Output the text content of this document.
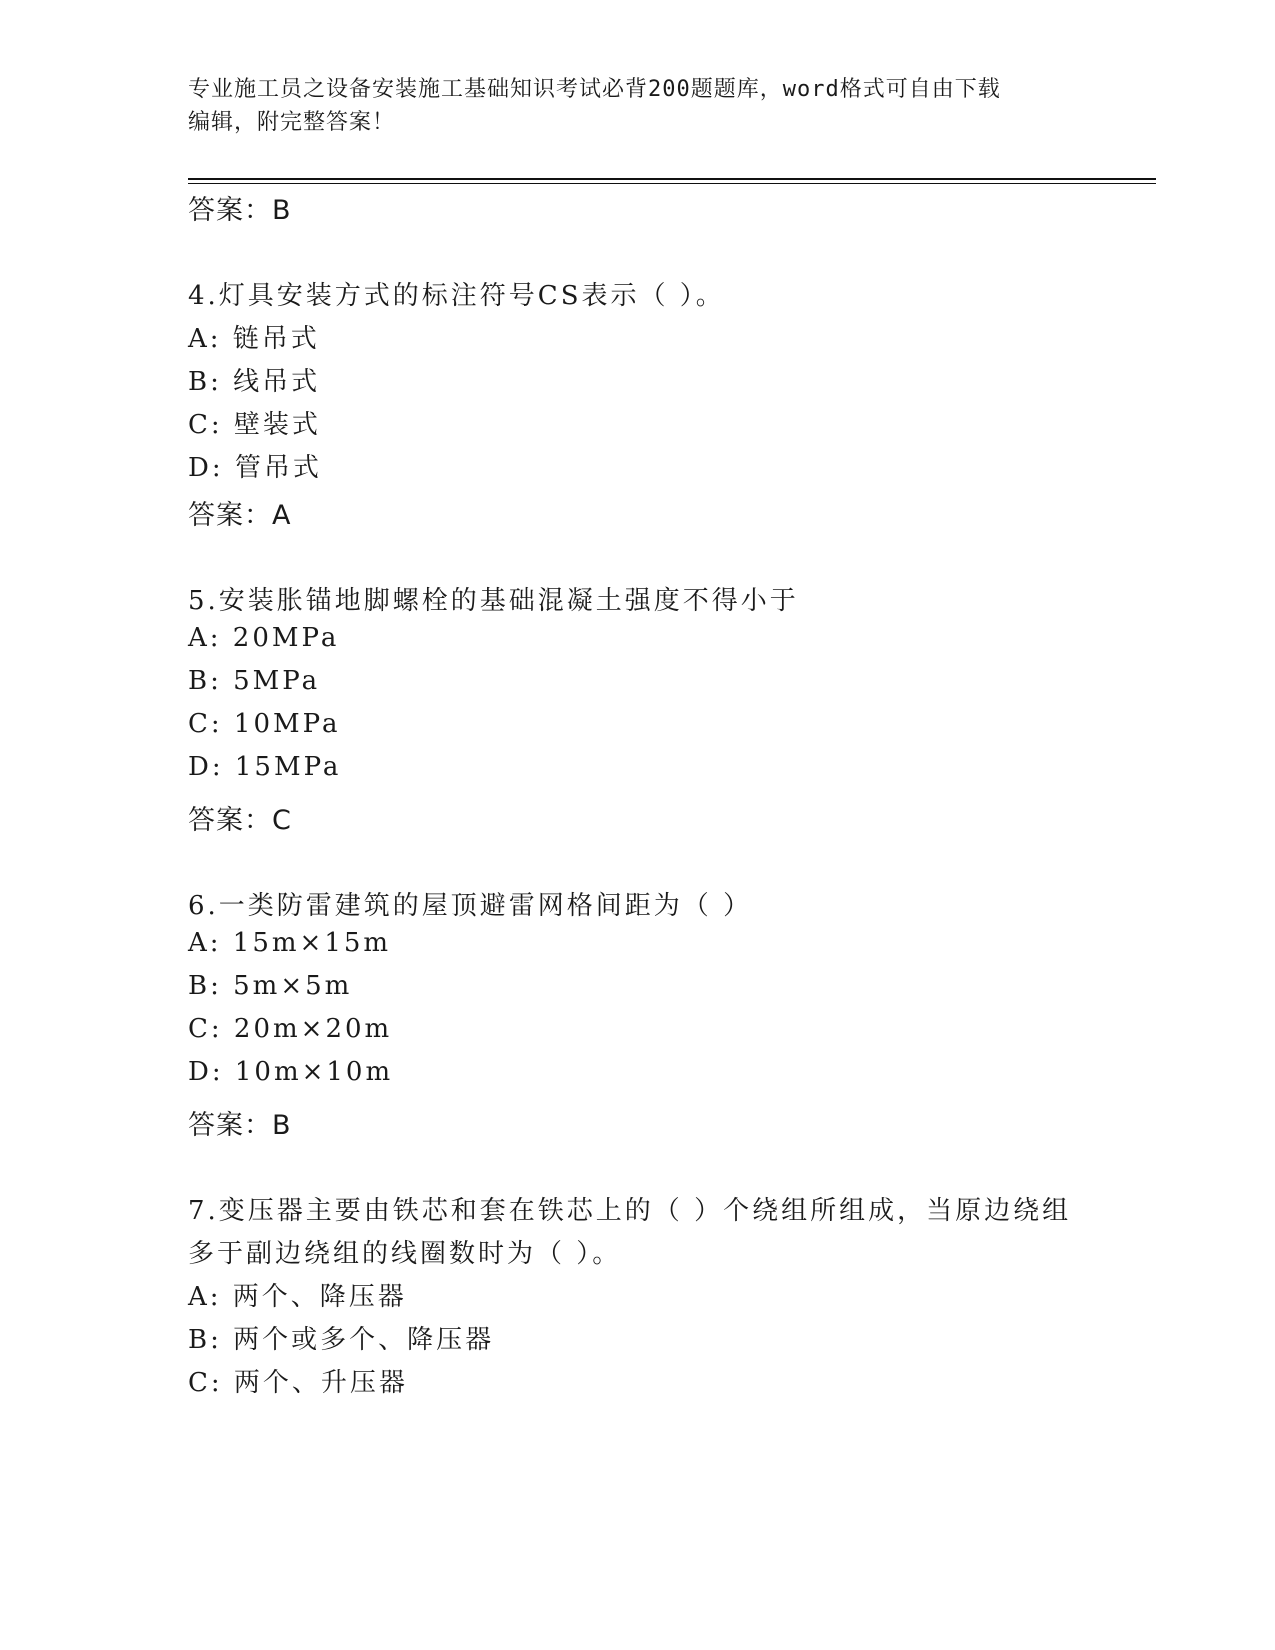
专业施工员之设备安装施工基础知识考试必背200题题库，word格式可自由下载
编辑，附完整答案！
答案：B
4.灯具安装方式的标注符号CS表示（ ）。
A: 链吊式
B: 线吊式
C: 壁装式
D: 管吊式
答案：A
5.安装胀锚地脚螺栓的基础混凝土强度不得小于
A: 20MPa
B: 5MPa
C: 10MPa
D: 15MPa
答案：C
6.一类防雷建筑的屋顶避雷网格间距为（ ）
A: 15m×15m
B: 5m×5m
C: 20m×20m
D: 10m×10m
答案：B
7.变压器主要由铁芯和套在铁芯上的（ ）个绕组所组成，当原边绕组
多于副边绕组的线圈数时为（ ）。
A: 两个、降压器
B: 两个或多个、降压器
C: 两个、升压器
